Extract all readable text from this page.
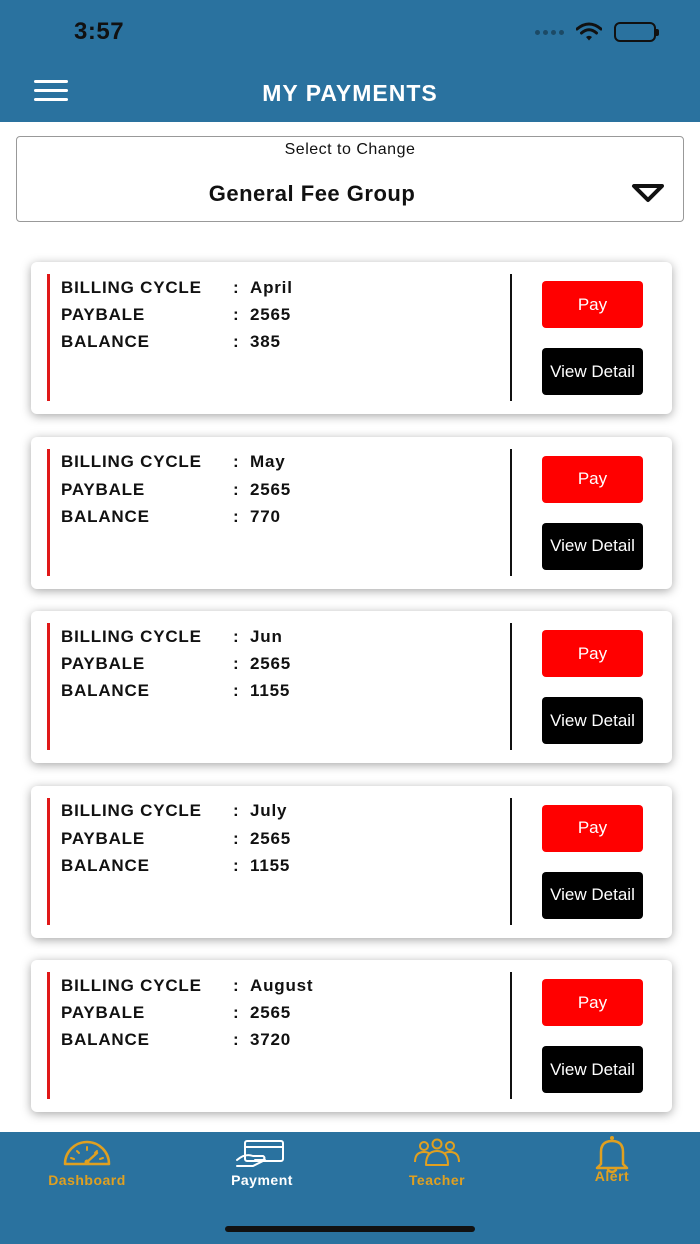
3:57
MY PAYMENTS
Select to Change
General Fee Group
BILLING CYCLE	: April
PAYBALE	: 2565
BALANCE	: 385
Pay
View Detail
BILLING CYCLE	: May
PAYBALE	: 2565
BALANCE	: 770
Pay
View Detail
BILLING CYCLE	: Jun
PAYBALE	: 2565
BALANCE	: 1155
Pay
View Detail
BILLING CYCLE	: July
PAYBALE	: 2565
BALANCE	: 1155
Pay
View Detail
BILLING CYCLE	: August
PAYBALE	: 2565
BALANCE	: 3720
Pay
View Detail
Dashboard	Payment	Teacher	Alert
